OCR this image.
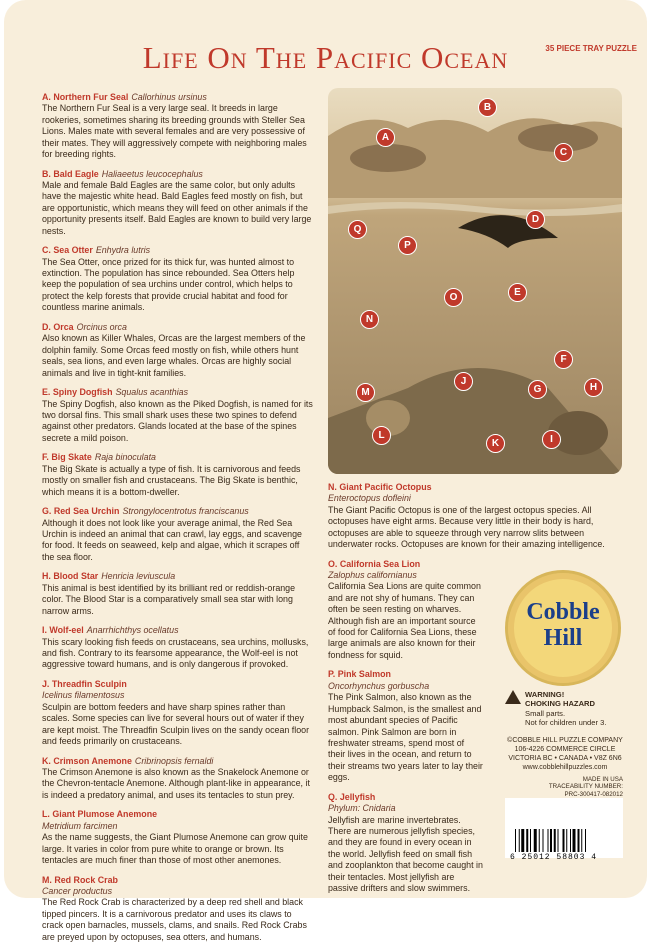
Life On The Pacific Ocean	35 PIECE TRAY PUZZLE
A. Northern Fur Seal Callorhinus ursinus
The Northern Fur Seal is a very large seal. It breeds in large rookeries, sometimes sharing its breeding grounds with Steller Sea Lions. Males mate with several females and are very possessive of their mates. They will aggressively compete with neighboring males for breeding rights.
B. Bald Eagle Haliaeetus leucocephalus
Male and female Bald Eagles are the same color, but only adults have the majestic white head. Bald Eagles feed mostly on fish, but are opportunistic, which means they will feed on other animals if the opportunity presents itself. Bald Eagles are known to build very large nests.
C. Sea Otter Enhydra lutris
The Sea Otter, once prized for its thick fur, was hunted almost to extinction. The population has since rebounded. Sea Otters help keep the population of sea urchins under control, which helps to protect the kelp forests that provide crucial habitat and food for countless marine animals.
D. Orca Orcinus orca
Also known as Killer Whales, Orcas are the largest members of the dolphin family. Some Orcas feed mostly on fish, while others hunt seals, sea lions, and even large whales. Orcas are highly social animals and live in tight-knit families.
E. Spiny Dogfish Squalus acanthias
The Spiny Dogfish, also known as the Piked Dogfish, is named for its two dorsal fins. This small shark uses these two spines to defend against other predators. Glands located at the base of the spines secrete a mild poison.
F. Big Skate Raja binoculata
The Big Skate is actually a type of fish. It is carnivorous and feeds mostly on smaller fish and crustaceans. The Big Skate is benthic, which means it is a bottom-dweller.
G. Red Sea Urchin Strongylocentrotus franciscanus
Although it does not look like your average animal, the Red Sea Urchin is indeed an animal that can crawl, lay eggs, and scavenge for food. It feeds on seaweed, kelp and algae, which it scrapes off the sea floor.
H. Blood Star Henricia leviuscula
This animal is best identified by its brilliant red or reddish-orange color. The Blood Star is a comparatively small sea star with long narrow arms.
I. Wolf-eel Anarrhichthys ocellatus
This scary looking fish feeds on crustaceans, sea urchins, mollusks, and fish. Contrary to its fearsome appearance, the Wolf-eel is not aggressive toward humans, and is only dangerous if provoked.
J. Threadfin Sculpin
Icelinus filamentosus
Sculpin are bottom feeders and have sharp spines rather than scales. Some species can live for several hours out of water if they are kept moist. The Threadfin Sculpin lives on the sandy ocean floor and feeds primarily on crustaceans.
K. Crimson Anemone Cribrinopsis fernaldi
The Crimson Anemone is also known as the Snakelock Anemone or the Chevron-tentacle Anemone. Although plant-like in appearance, it is indeed a predatory animal, and uses its tentacles to stun prey.
L. Giant Plumose Anemone
Metridium farcimen
As the name suggests, the Giant Plumose Anemone can grow quite large. It varies in color from pure white to orange or brown. Its tentacles are much finer than those of most other anemones.
M. Red Rock Crab
Cancer productus
The Red Rock Crab is characterized by a deep red shell and black tipped pincers. It is a carnivorous predator and uses its claws to crack open barnacles, mussels, clams, and snails. Red Rock Crabs are preyed upon by octopuses, sea otters, and humans.
A
B
C
D
E
F
G	H
I
J
K
L
M
N
O
P
Q
N. Giant Pacific Octopus
Enteroctopus dofleini
The Giant Pacific Octopus is one of the largest octopus species. All octopuses have eight arms. Because very little in their body is hard, octopuses are able to squeeze through very narrow slits between underwater rocks. Octopuses are known for their amazing intelligence.
O. California Sea Lion
Zalophus californianus
California Sea Lions are quite common and are not shy of humans. They can often be seen resting on wharves. Although fish are an important source of food for California Sea Lions, these large animals are also known for their fondness for squid.
P. Pink Salmon
Oncorhynchus gorbuscha
The Pink Salmon, also known as the Humpback Salmon, is the smallest and most abundant species of Pacific salmon. Pink Salmon are born in freshwater streams, spend most of their lives in the ocean, and return to their streams two years later to lay their eggs.
Q. Jellyfish
Phylum: Cnidaria
Jellyfish are marine invertebrates. There are numerous jellyfish species, and they are found in every ocean in the world. Jellyfish feed on small fish and zooplankton that become caught in their tentacles. Most jellyfish are passive drifters and slow swimmers.
Cobble
Hill
WARNING!
CHOKING HAZARD
Small parts.
Not for children under 3.
©COBBLE HILL PUZZLE COMPANY
106-4226 COMMERCE CIRCLE
VICTORIA BC • CANADA • V8Z 6N6
www.cobblehillpuzzles.com
MADE IN USA
TRACEABILITY NUMBER:
PRC-300417-082012
6 25012 58803 4
